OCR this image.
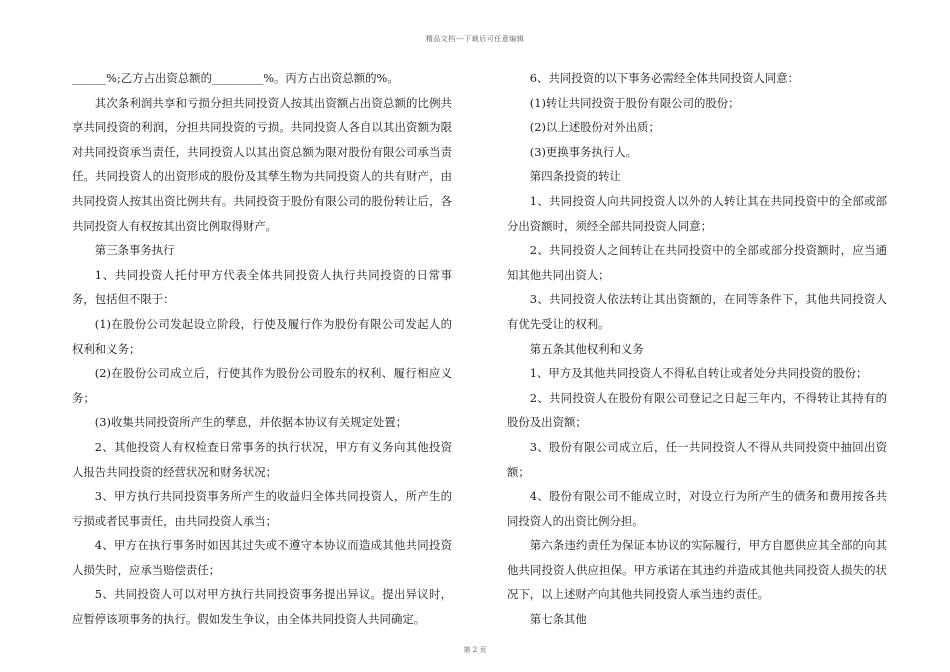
精品文档---下载后可任意编辑

______%;乙方占出资总额的_________%。丙方占出资总额的%。

其次条利润共享和亏损分担共同投资人按其出资额占出资总额的比例共享共同投资的利润，分担共同投资的亏损。共同投资人各自以其出资额为限对共同投资承当责任，共同投资人以其出资总额为限对股份有限公司承当责任。共同投资人的出资形成的股份及其孳生物为共同投资人的共有财产，由共同投资人按其出资比例共有。共同投资于股份有限公司的股份转让后，各共同投资人有权按其出资比例取得财产。

第三条事务执行

1、共同投资人托付甲方代表全体共同投资人执行共同投资的日常事务，包括但不限于：

(1)在股份公司发起设立阶段，行使及履行作为股份有限公司发起人的权利和义务；

(2)在股份公司成立后，行使其作为股份公司股东的权利、履行相应义务；

(3)收集共同投资所产生的孳息，并依据本协议有关规定处置；

2、其他投资人有权检查日常事务的执行状况，甲方有义务向其他投资人报告共同投资的经营状况和财务状况；

3、甲方执行共同投资事务所产生的收益归全体共同投资人，所产生的亏损或者民事责任，由共同投资人承当；

4、甲方在执行事务时如因其过失或不遵守本协议而造成其他共同投资人损失时，应承当赔偿责任；

5、共同投资人可以对甲方执行共同投资事务提出异议。提出异议时，应暂停该项事务的执行。假如发生争议，由全体共同投资人共同确定。

6、共同投资的以下事务必需经全体共同投资人同意：

(1)转让共同投资于股份有限公司的股份；

(2)以上述股份对外出质；

(3)更换事务执行人。

第四条投资的转让

1、共同投资人向共同投资人以外的人转让其在共同投资中的全部或部分出资额时，须经全部共同投资人同意；

2、共同投资人之间转让在共同投资中的全部或部分投资额时，应当通知其他共同出资人；

3、共同投资人依法转让其出资额的，在同等条件下，其他共同投资人有优先受让的权利。

第五条其他权利和义务

1、甲方及其他共同投资人不得私自转让或者处分共同投资的股份；

2、共同投资人在股份有限公司登记之日起三年内，不得转让其持有的股份及出资额；

3、股份有限公司成立后，任一共同投资人不得从共同投资中抽回出资额；

4、股份有限公司不能成立时，对设立行为所产生的债务和费用按各共同投资人的出资比例分担。

第六条违约责任为保证本协议的实际履行，甲方自愿供应其全部的向其他共同投资人供应担保。甲方承诺在其违约并造成其他共同投资人损失的状况下，以上述财产向其他共同投资人承当违约责任。

第七条其他

第 2 页
